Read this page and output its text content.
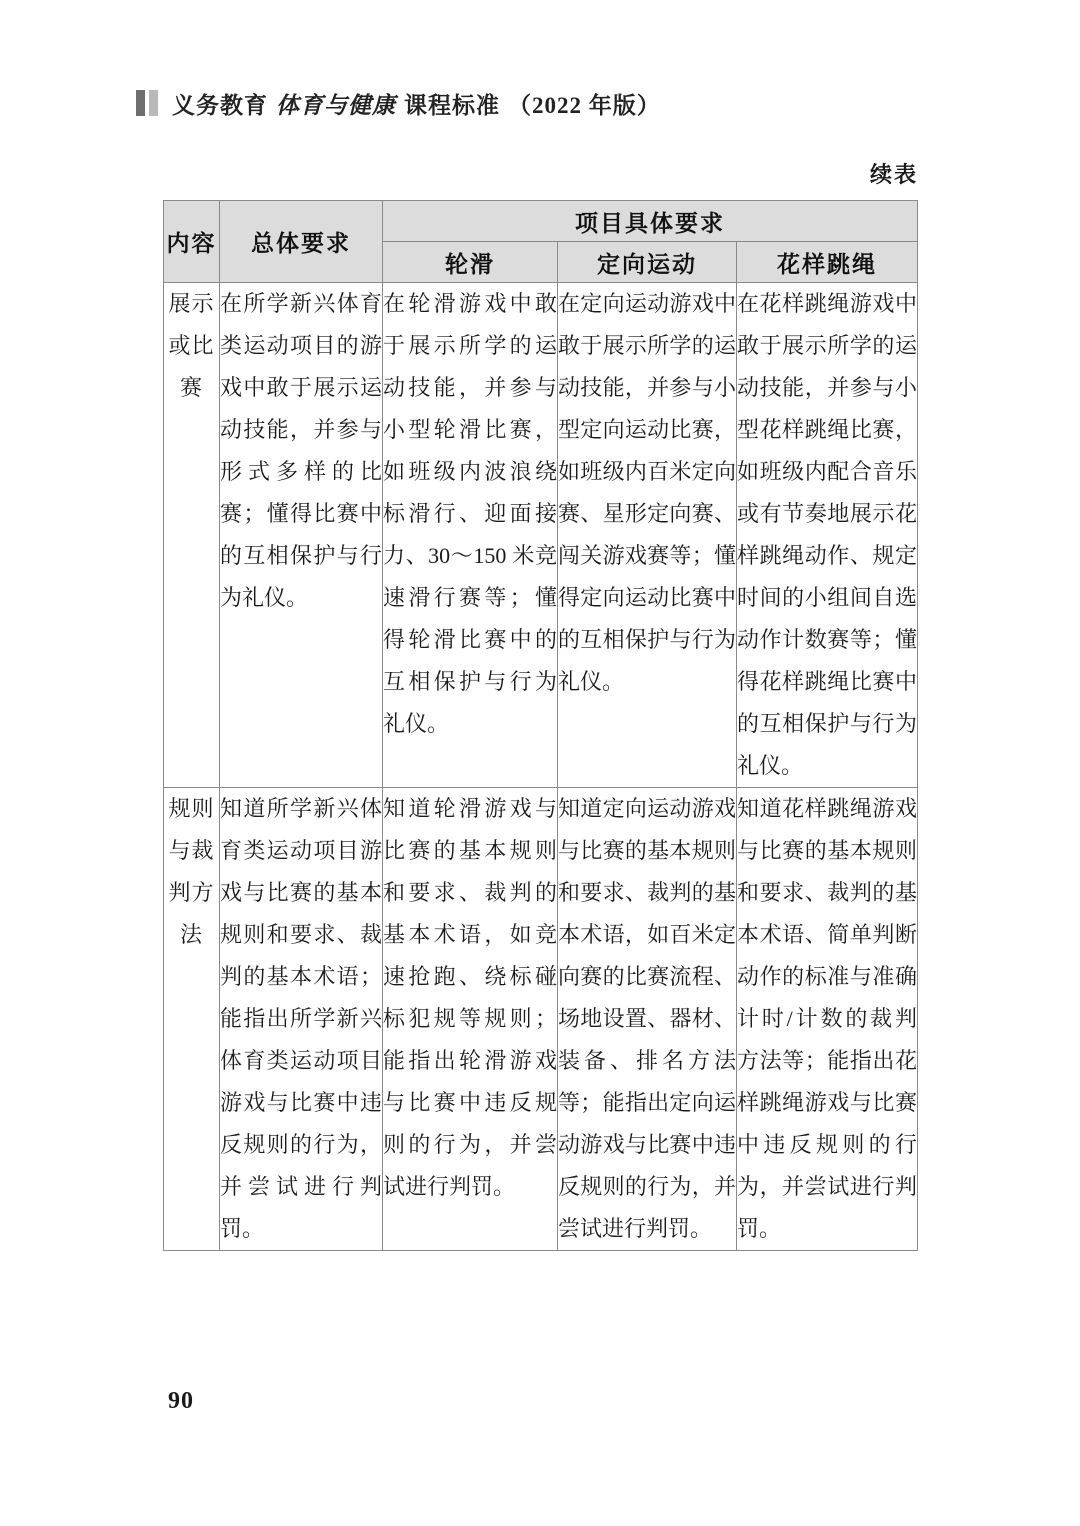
义务教育 体育与健康 课程标准 （2022 年版）
续表
内容	总体要求	项目具体要求		
		轮滑	定向运动	花样跳绳

展示或比赛	在所学新兴体育类运动项目的游戏中敢于展示运动技能，并参与形式多样的比赛；懂得比赛中的互相保护与行为礼仪。	在轮滑游戏中敢于展示所学的运动技能，并参与小型轮滑比赛，如班级内波浪绕标滑行、迎面接力、30～150 米竞速滑行赛等；懂得轮滑比赛中的互相保护与行为礼仪。	在定向运动游戏中敢于展示所学的运动技能，并参与小型定向运动比赛，如班级内百米定向赛、星形定向赛、闯关游戏赛等；懂得定向运动比赛中的互相保护与行为礼仪。	在花样跳绳游戏中敢于展示所学的运动技能，并参与小型花样跳绳比赛，如班级内配合音乐或有节奏地展示花样跳绳动作、规定时间的小组间自选动作计数赛等；懂得花样跳绳比赛中的互相保护与行为礼仪。

规则与裁判方法	知道所学新兴体育类运动项目游戏与比赛的基本规则和要求、裁判的基本术语；能指出所学新兴体育类运动项目游戏与比赛中违反规则的行为，并尝试进行判罚。	知道轮滑游戏与比赛的基本规则和要求、裁判的基本术语，如竞速抢跑、绕标碰标犯规等规则；能指出轮滑游戏与比赛中违反规则的行为，并尝试进行判罚。	知道定向运动游戏与比赛的基本规则和要求、裁判的基本术语，如百米定向赛的比赛流程、场地设置、器材、装备、排名方法等；能指出定向运动游戏与比赛中违反规则的行为，并尝试进行判罚。	知道花样跳绳游戏与比赛的基本规则和要求、裁判的基本术语、简单判断动作的标准与准确计时/计数的裁判方法等；能指出花样跳绳游戏与比赛中违反规则的行为，并尝试进行判罚。
90
